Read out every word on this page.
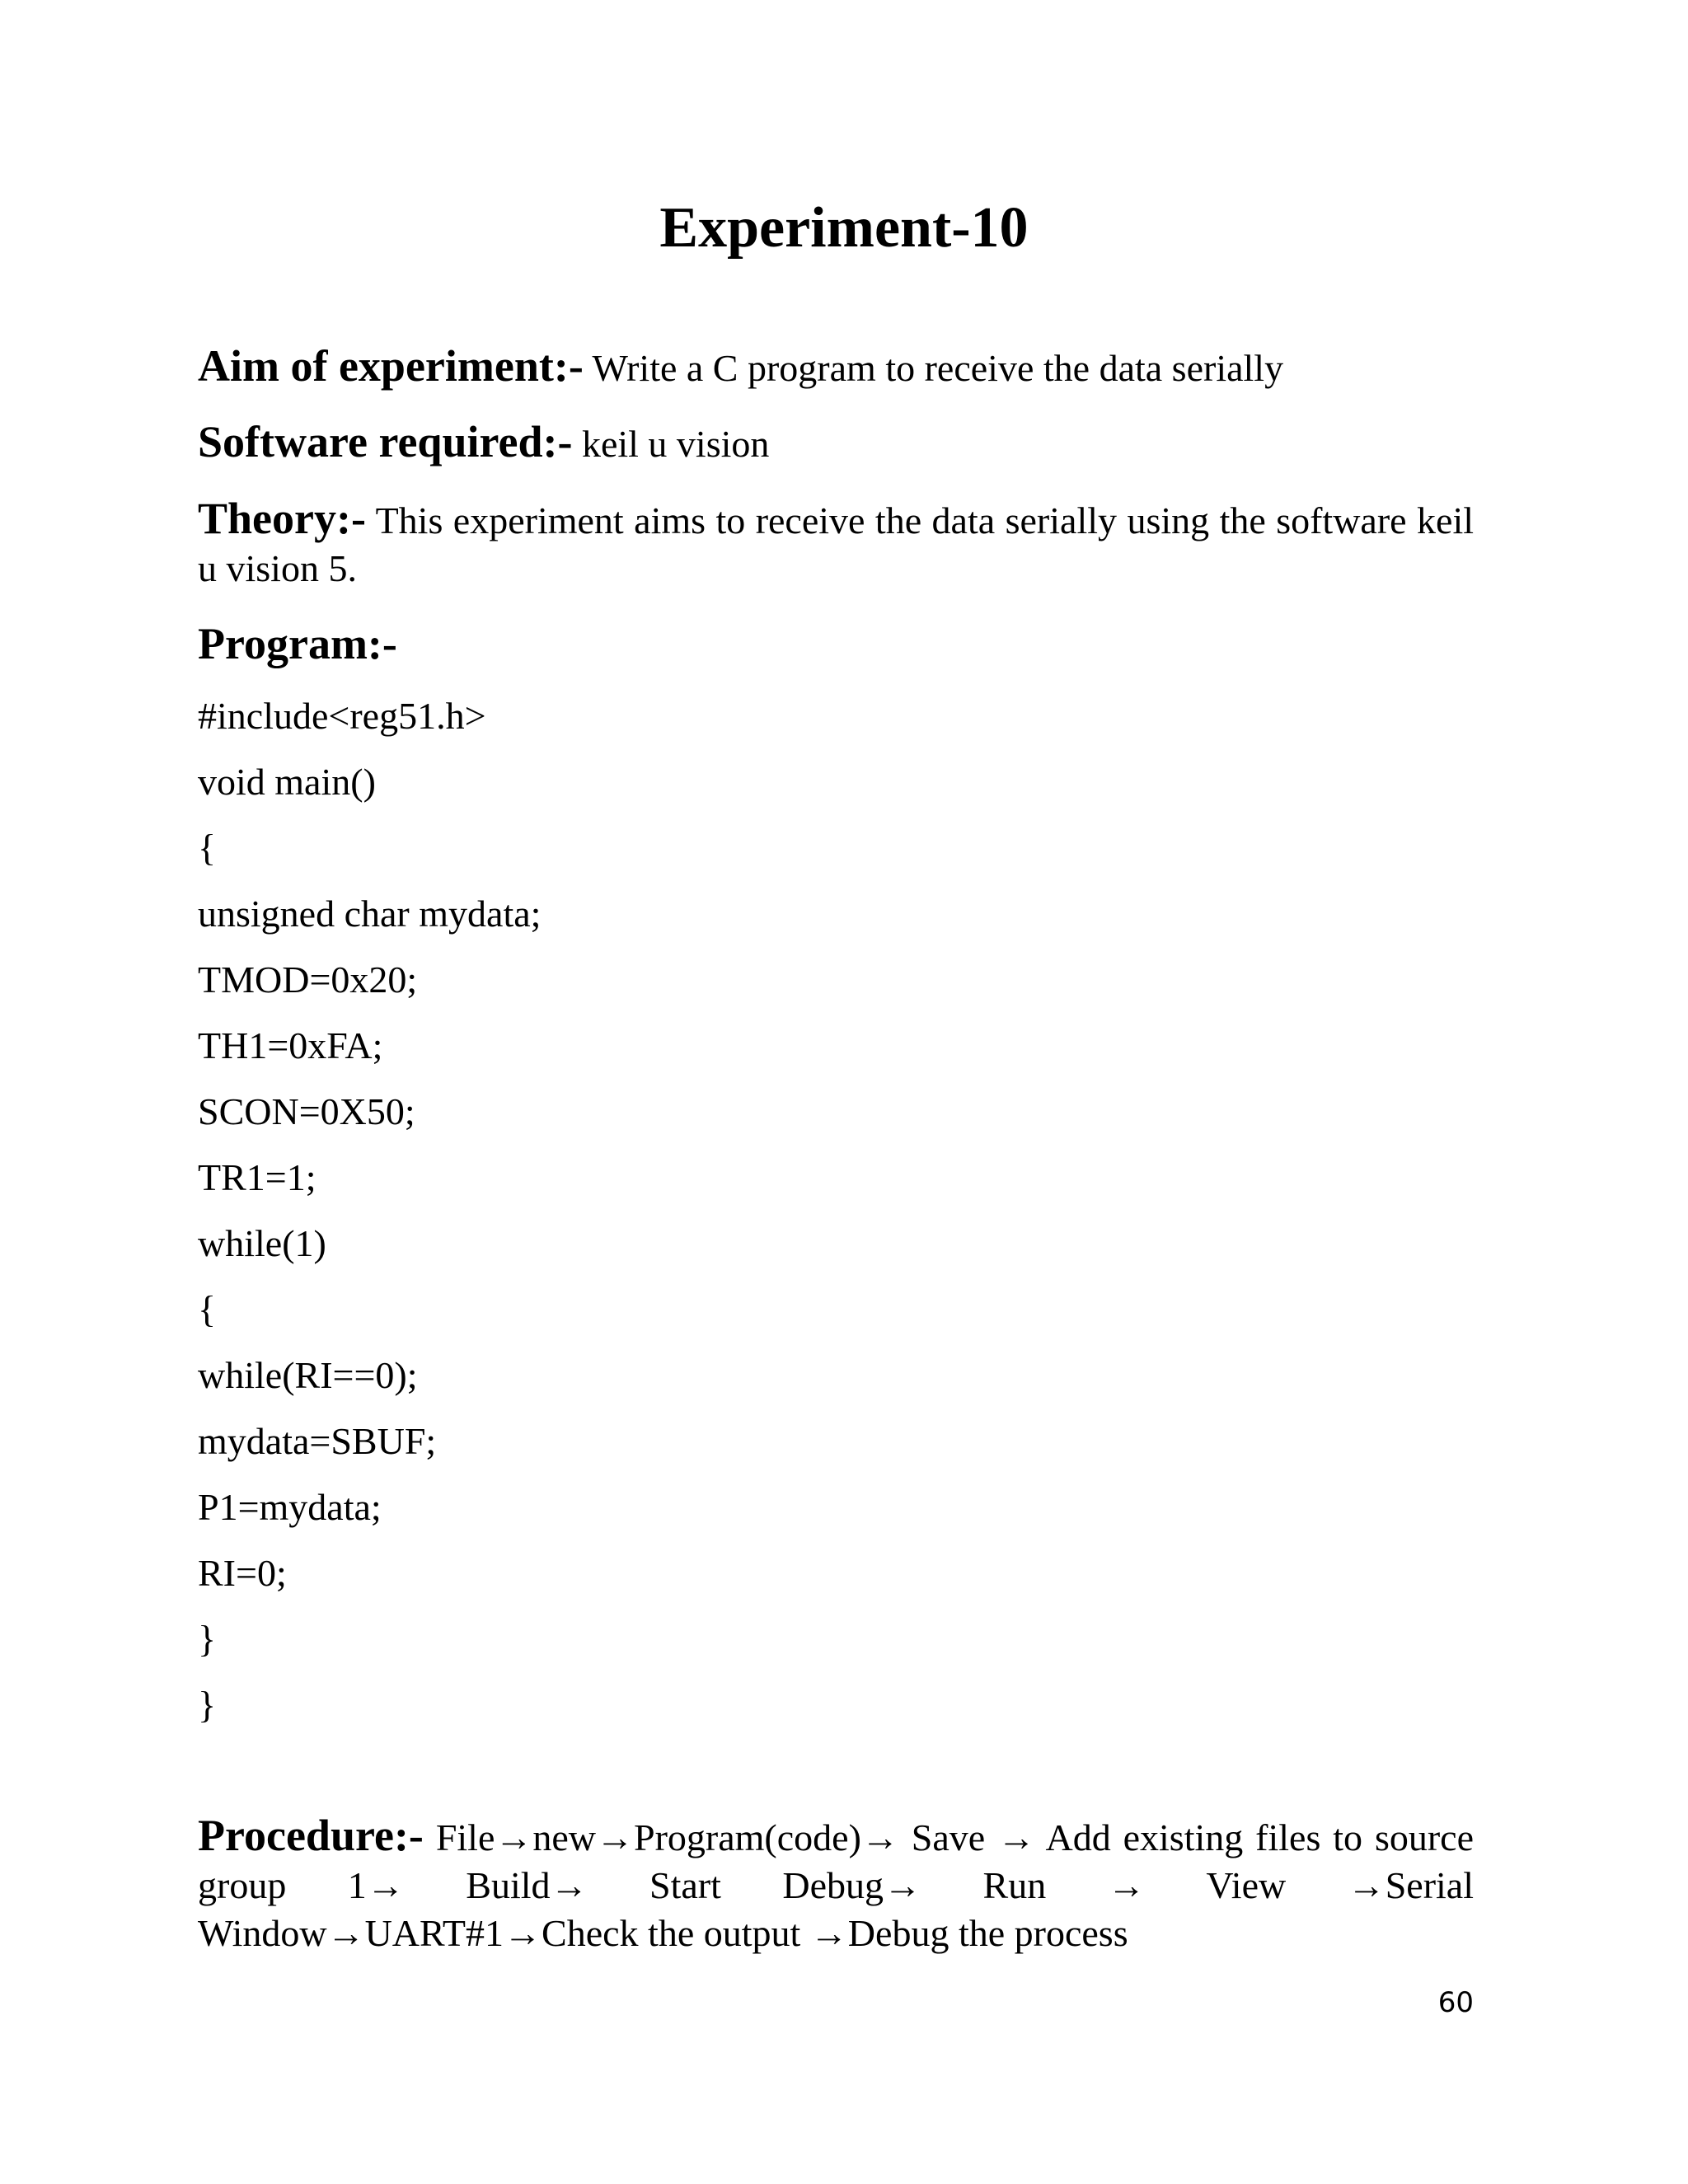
Experiment-10

Aim of experiment:- Write a C program to receive the data serially

Software required:- keil u vision

Theory:- This experiment aims to receive the data serially using the software keil u vision 5.

Program:-

#include<reg51.h>
void main()
{
unsigned char mydata;
TMOD=0x20;
TH1=0xFA;
SCON=0X50;
TR1=1;
while(1)
{
while(RI==0);
mydata=SBUF;
P1=mydata;
RI=0;
}
}

Procedure:- File→new→Program(code)→ Save → Add existing files to source group 1→ Build→ Start Debug→ Run → View →Serial Window→UART#1→Check the output →Debug the process

60
